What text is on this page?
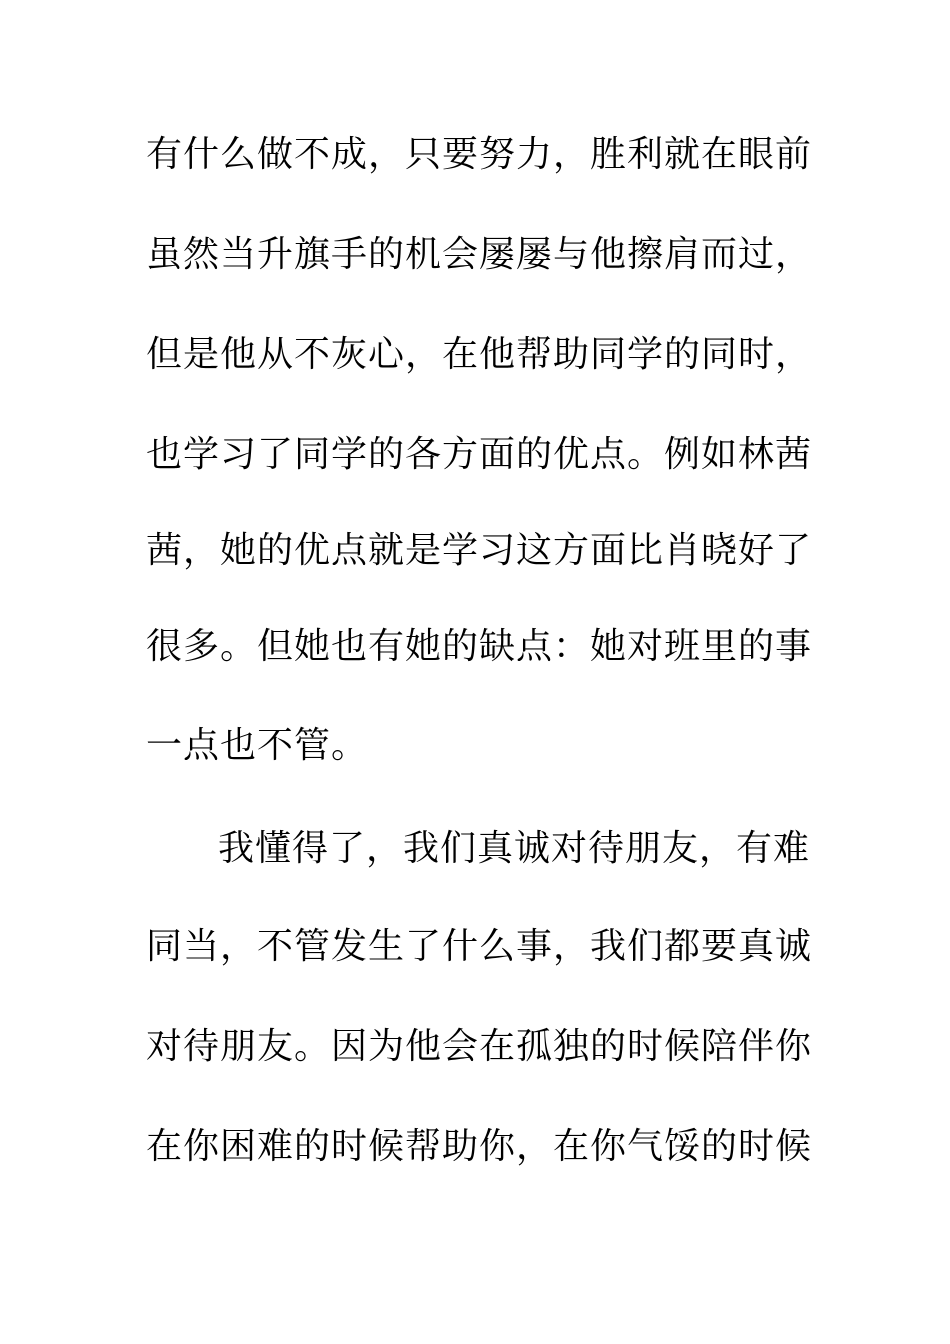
有什么做不成，只要努力，胜利就在眼前
虽然当升旗手的机会屡屡与他擦肩而过，
但是他从不灰心，在他帮助同学的同时，
也学习了同学的各方面的优点。例如林茜
茜，她的优点就是学习这方面比肖晓好了
很多。但她也有她的缺点：她对班里的事
一点也不管。
我懂得了，我们真诚对待朋友，有难
同当，不管发生了什么事，我们都要真诚
对待朋友。因为他会在孤独的时候陪伴你
在你困难的时候帮助你，在你气馁的时候
